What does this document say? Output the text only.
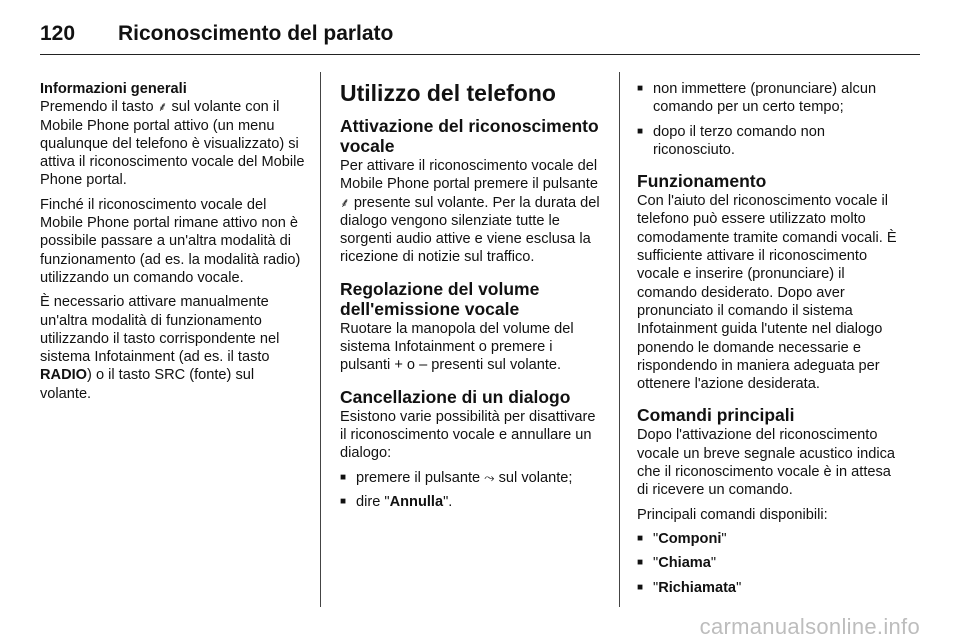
120	Riconoscimento del parlato
Informazioni generali

Premendo il tasto ⸙ sul volante con il Mobile Phone portal attivo (un menu qualunque del telefono è visualizzato) si attiva il riconoscimento vocale del Mobile Phone portal.

Finché il riconoscimento vocale del Mobile Phone portal rimane attivo non è possibile passare a un'altra modalità di funzionamento (ad es. la modalità radio) utilizzando un comando vocale.

È necessario attivare manualmente un'altra modalità di funzionamento utilizzando il tasto corrispondente nel sistema Infotainment (ad es. il tasto RADIO) o il tasto SRC (fonte) sul volante.

Utilizzo del telefono
Attivazione del riconoscimento vocale

Per attivare il riconoscimento vocale del Mobile Phone portal premere il pulsante ⸙ presente sul volante. Per la durata del dialogo vengono silenziate tutte le sorgenti audio attive e viene esclusa la ricezione di notizie sul traffico.

Regolazione del volume dell'emissione vocale

Ruotare la manopola del volume del sistema Infotainment o premere i pulsanti + o – presenti sul volante.

Cancellazione di un dialogo

Esistono varie possibilità per disattivare il riconoscimento vocale e annullare un dialogo:

■ premere il pulsante ⤳ sul volante;
■ dire "Annulla".
■ non immettere (pronunciare) alcun comando per un certo tempo;
■ dopo il terzo comando non riconosciuto.
Funzionamento

Con l'aiuto del riconoscimento vocale il telefono può essere utilizzato molto comodamente tramite comandi vocali. È sufficiente attivare il riconoscimento vocale e inserire (pronunciare) il comando desiderato. Dopo aver pronunciato il comando il sistema Infotainment guida l'utente nel dialogo ponendo le domande necessarie e rispondendo in maniera adeguata per ottenere l'azione desiderata.

Comandi principali

Dopo l'attivazione del riconoscimento vocale un breve segnale acustico indica che il riconoscimento vocale è in attesa di ricevere un comando.

Principali comandi disponibili:

■ "Componi"
■ "Chiama"
■ "Richiamata"
carmanualsonline.info
